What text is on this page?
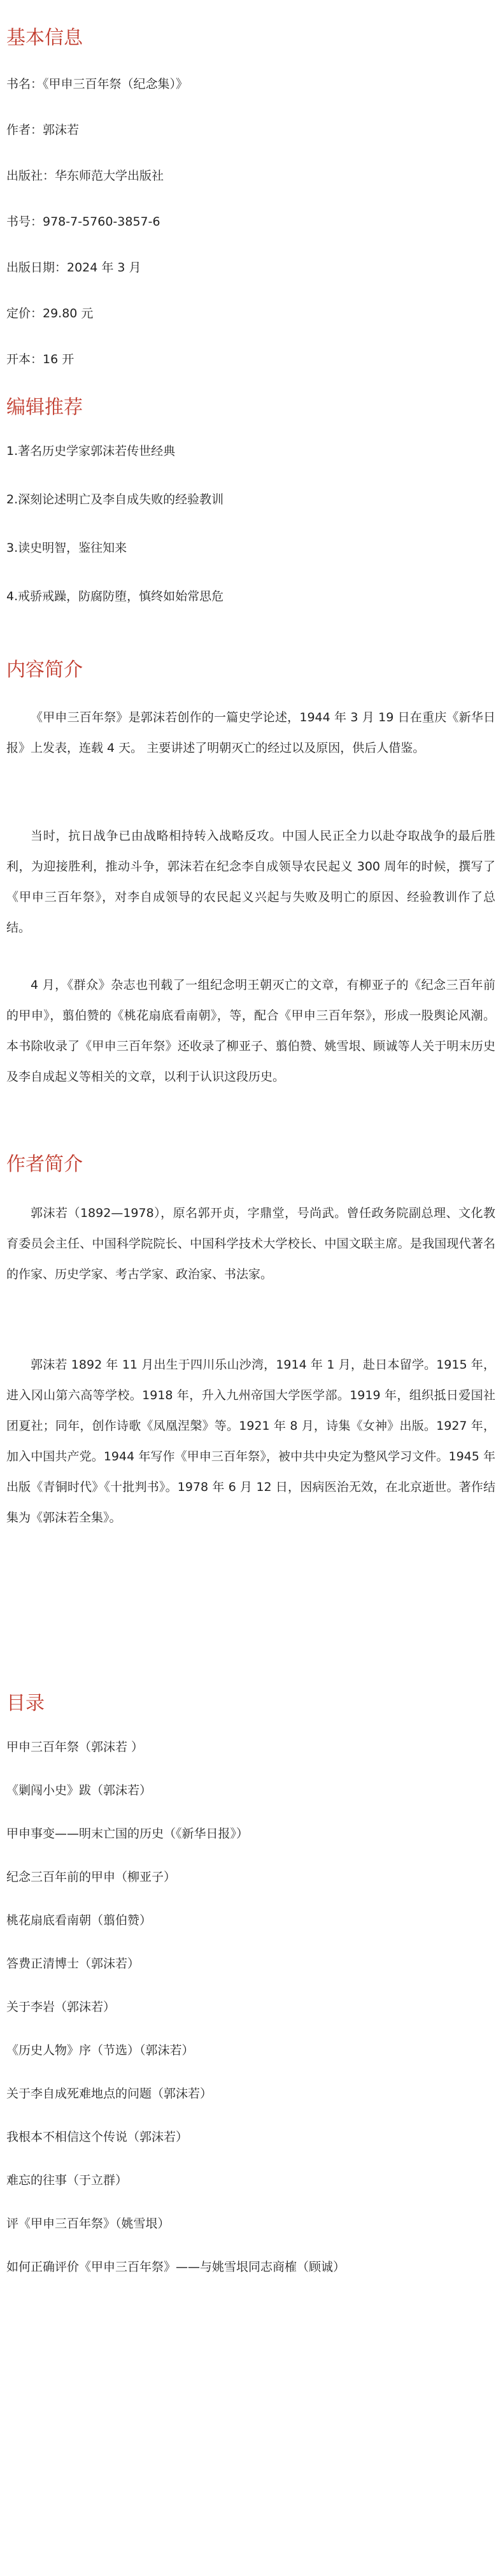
基本信息
书名：《甲申三百年祭（纪念集）》
作者：郭沫若
出版社：华东师范大学出版社
书号：978-7-5760-3857-6
出版日期：2024 年 3 月
定价：29.80 元
开本：16 开
编辑推荐
1.著名历史学家郭沫若传世经典
2.深刻论述明亡及李自成失败的经验教训
3.读史明智，鉴往知来
4.戒骄戒躁，防腐防堕，慎终如始常思危
内容简介
《甲申三百年祭》是郭沫若创作的一篇史学论述，1944 年 3 月 19 日在重庆《新华日报》上发表，连载 4 天。 主要讲述了明朝灭亡的经过以及原因，供后人借鉴。
当时，抗日战争已由战略相持转入战略反攻。中国人民正全力以赴夺取战争的最后胜利，为迎接胜利，推动斗争，郭沫若在纪念李自成领导农民起义 300 周年的时候，撰写了《甲申三百年祭》，对李自成领导的农民起义兴起与失败及明亡的原因、经验教训作了总结。
4 月，《群众》杂志也刊载了一组纪念明王朝灭亡的文章，有柳亚子的《纪念三百年前的甲申》，翦伯赞的《桃花扇底看南朝》，等，配合《甲申三百年祭》，形成一股舆论风潮。本书除收录了《甲申三百年祭》还收录了柳亚子、翦伯赞、姚雪垠、顾诚等人关于明末历史及李自成起义等相关的文章，以利于认识这段历史。
作者简介
郭沫若（1892—1978），原名郭开贞，字鼎堂，号尚武。曾任政务院副总理、文化教育委员会主任、中国科学院院长、中国科学技术大学校长、中国文联主席。是我国现代著名的作家、历史学家、考古学家、政治家、书法家。
郭沫若 1892 年 11 月出生于四川乐山沙湾，1914 年 1 月，赴日本留学。1915 年，进入冈山第六高等学校。1918 年，升入九州帝国大学医学部。1919 年，组织抵日爱国社团夏社；同年，创作诗歌《凤凰涅槃》等。1921 年 8 月，诗集《女神》出版。1927 年，加入中国共产党。1944 年写作《甲申三百年祭》，被中共中央定为整风学习文件。1945 年出版《青铜时代》《十批判书》。1978 年 6 月 12 日，因病医治无效，在北京逝世。著作结集为《郭沫若全集》。
目录
甲申三百年祭（郭沫若 ）
《剿闯小史》跋（郭沫若）
甲申事变——明末亡国的历史（《新华日报》）
纪念三百年前的甲申（柳亚子）
桃花扇底看南朝（翦伯赞）
答费正清博士（郭沫若）
关于李岩（郭沫若）
《历史人物》序（节选）（郭沫若）
关于李自成死难地点的问题（郭沫若）
我根本不相信这个传说（郭沫若）
难忘的往事（于立群）
评《甲申三百年祭》（姚雪垠）
如何正确评价《甲申三百年祭》——与姚雪垠同志商榷（顾诚）
